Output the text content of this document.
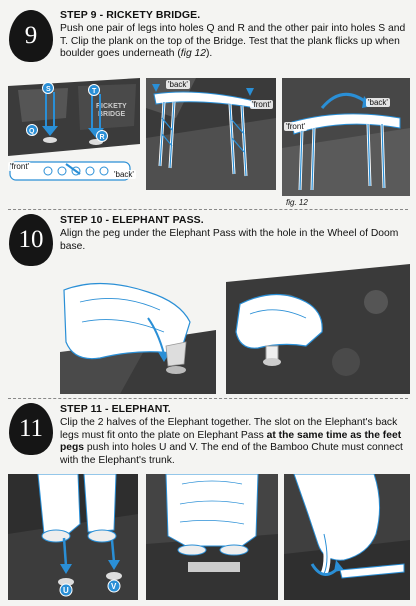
9
STEP 9 - RICKETY BRIDGE.
Push one pair of legs into holes Q and R and the other pair into holes S and T. Clip the plank on the top of the Bridge. Test that the plank flicks up when boulder goes underneath (fig 12).
RICKETY
BRIDGE
S	T
Q
R
'front'
'back'
'back'
'front'	'back'
'front'
fig. 12
10
STEP 10 - ELEPHANT PASS.
Align the peg under the Elephant Pass with the hole in the Wheel of Doom base.
11
STEP 11 - ELEPHANT.
Clip the 2 halves of the Elephant together. The slot on the Elephant's back legs must fit onto the plate on Elephant Pass at the same time as the feet pegs push into holes U and V. The end of the Bamboo Chute must connect with the Elephant's trunk.
U	V
